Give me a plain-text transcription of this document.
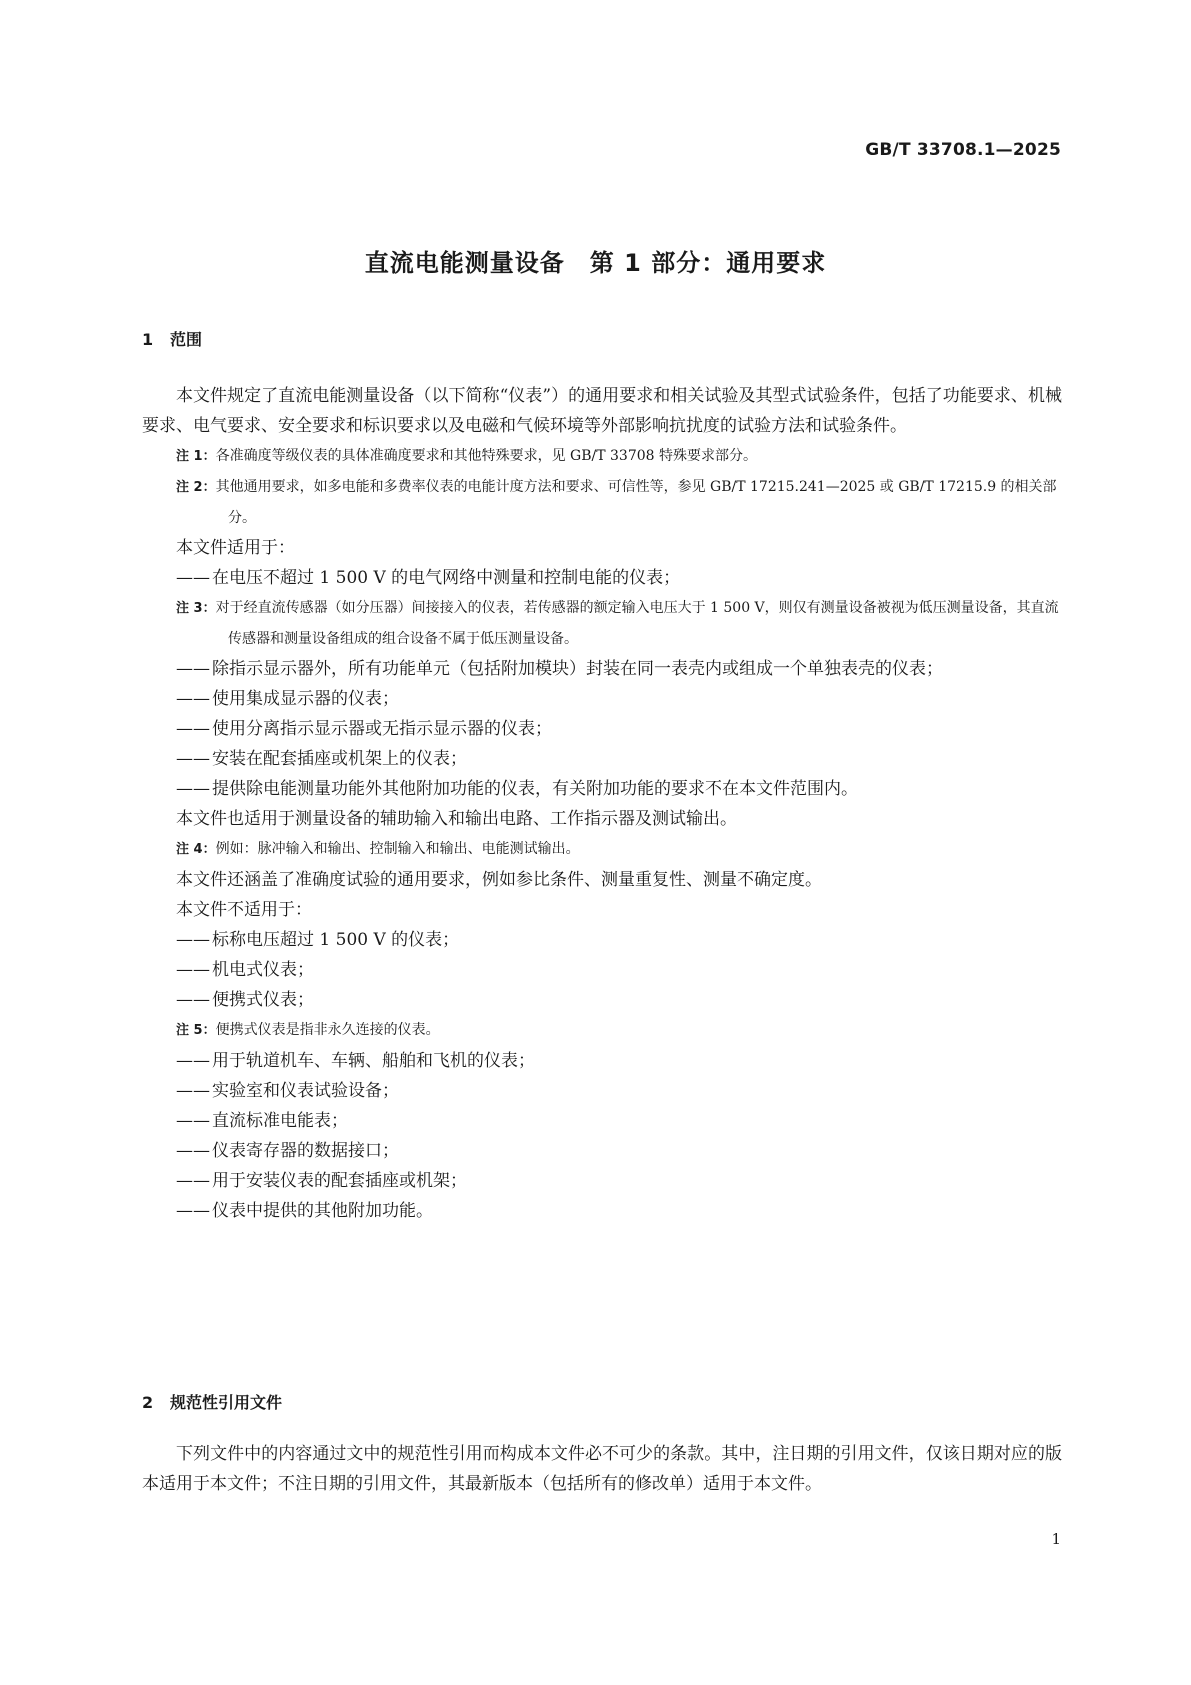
GB/T 33708.1—2025
直流电能测量设备　第 1 部分：通用要求
1 范围

本文件规定了直流电能测量设备（以下简称“仪表”）的通用要求和相关试验及其型式试验条件，包括了功能要求、机械要求、电气要求、安全要求和标识要求以及电磁和气候环境等外部影响抗扰度的试验方法和试验条件。

注 1：各准确度等级仪表的具体准确度要求和其他特殊要求，见 GB/T 33708 特殊要求部分。

注 2：其他通用要求，如多电能和多费率仪表的电能计度方法和要求、可信性等，参见 GB/T 17215.241—2025 或 GB/T 17215.9 的相关部分。

本文件适用于：

—— 在电压不超过 1 500 V 的电气网络中测量和控制电能的仪表；

注 3：对于经直流传感器（如分压器）间接接入的仪表，若传感器的额定输入电压大于 1 500 V，则仅有测量设备被视为低压测量设备，其直流传感器和测量设备组成的组合设备不属于低压测量设备。

—— 除指示显示器外，所有功能单元（包括附加模块）封装在同一表壳内或组成一个单独表壳的仪表；

—— 使用集成显示器的仪表；

—— 使用分离指示显示器或无指示显示器的仪表；

—— 安装在配套插座或机架上的仪表；

—— 提供除电能测量功能外其他附加功能的仪表，有关附加功能的要求不在本文件范围内。

本文件也适用于测量设备的辅助输入和输出电路、工作指示器及测试输出。

注 4：例如：脉冲输入和输出、控制输入和输出、电能测试输出。

本文件还涵盖了准确度试验的通用要求，例如参比条件、测量重复性、测量不确定度。

本文件不适用于：

—— 标称电压超过 1 500 V 的仪表；

—— 机电式仪表；

—— 便携式仪表；

注 5：便携式仪表是指非永久连接的仪表。

—— 用于轨道机车、车辆、船舶和飞机的仪表；

—— 实验室和仪表试验设备；

—— 直流标准电能表；

—— 仪表寄存器的数据接口；

—— 用于安装仪表的配套插座或机架；

—— 仪表中提供的其他附加功能。

2 规范性引用文件

下列文件中的内容通过文中的规范性引用而构成本文件必不可少的条款。其中，注日期的引用文件，仅该日期对应的版本适用于本文件；不注日期的引用文件，其最新版本（包括所有的修改单）适用于本文件。

1
